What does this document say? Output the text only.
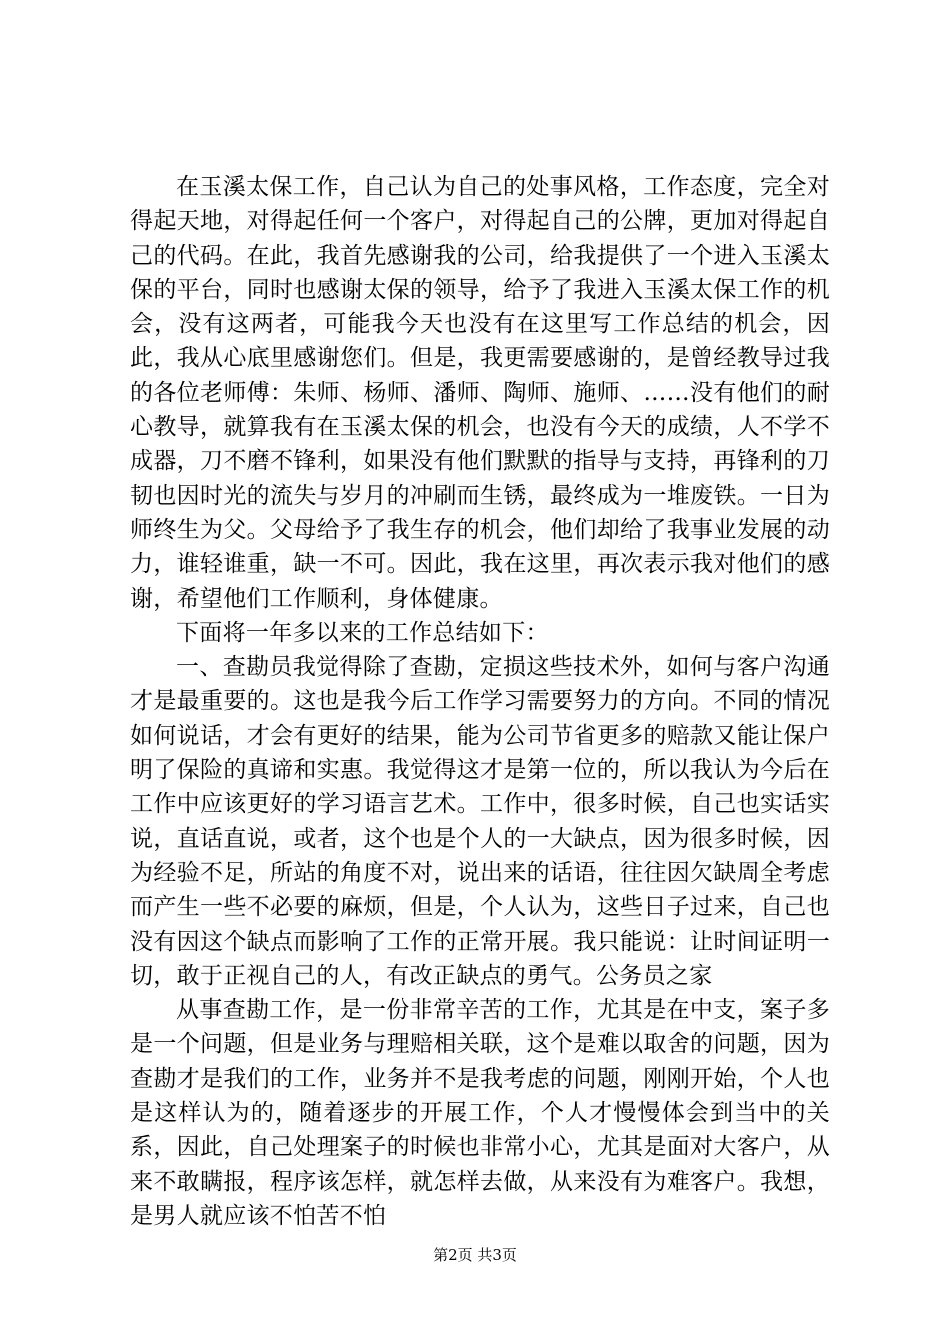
在玉溪太保工作，自己认为自己的处事风格，工作态度，完全对得起天地，对得起任何一个客户，对得起自己的公牌，更加对得起自己的代码。在此，我首先感谢我的公司，给我提供了一个进入玉溪太保的平台，同时也感谢太保的领导，给予了我进入玉溪太保工作的机会，没有这两者，可能我今天也没有在这里写工作总结的机会，因此，我从心底里感谢您们。但是，我更需要感谢的，是曾经教导过我的各位老师傅：朱师、杨师、潘师、陶师、施师、……没有他们的耐心教导，就算我有在玉溪太保的机会，也没有今天的成绩，人不学不成器，刀不磨不锋利，如果没有他们默默的指导与支持，再锋利的刀韧也因时光的流失与岁月的冲刷而生锈，最终成为一堆废铁。一日为师终生为父。父母给予了我生存的机会，他们却给了我事业发展的动力，谁轻谁重，缺一不可。因此，我在这里，再次表示我对他们的感谢，希望他们工作顺利，身体健康。

下面将一年多以来的工作总结如下：

一、查勘员我觉得除了查勘，定损这些技术外，如何与客户沟通才是最重要的。这也是我今后工作学习需要努力的方向。不同的情况如何说话，才会有更好的结果，能为公司节省更多的赔款又能让保户明了保险的真谛和实惠。我觉得这才是第一位的，所以我认为今后在工作中应该更好的学习语言艺术。工作中，很多时候，自己也实话实说，直话直说，或者，这个也是个人的一大缺点，因为很多时候，因为经验不足，所站的角度不对，说出来的话语，往往因欠缺周全考虑而产生一些不必要的麻烦，但是，个人认为，这些日子过来，自己也没有因这个缺点而影响了工作的正常开展。我只能说：让时间证明一切，敢于正视自己的人，有改正缺点的勇气。公务员之家

从事查勘工作，是一份非常辛苦的工作，尤其是在中支，案子多是一个问题，但是业务与理赔相关联，这个是难以取舍的问题，因为查勘才是我们的工作，业务并不是我考虑的问题，刚刚开始，个人也是这样认为的，随着逐步的开展工作，个人才慢慢体会到当中的关系，因此，自己处理案子的时候也非常小心，尤其是面对大客户，从来不敢瞒报，程序该怎样，就怎样去做，从来没有为难客户。我想，是男人就应该不怕苦不怕

第2页 共3页
